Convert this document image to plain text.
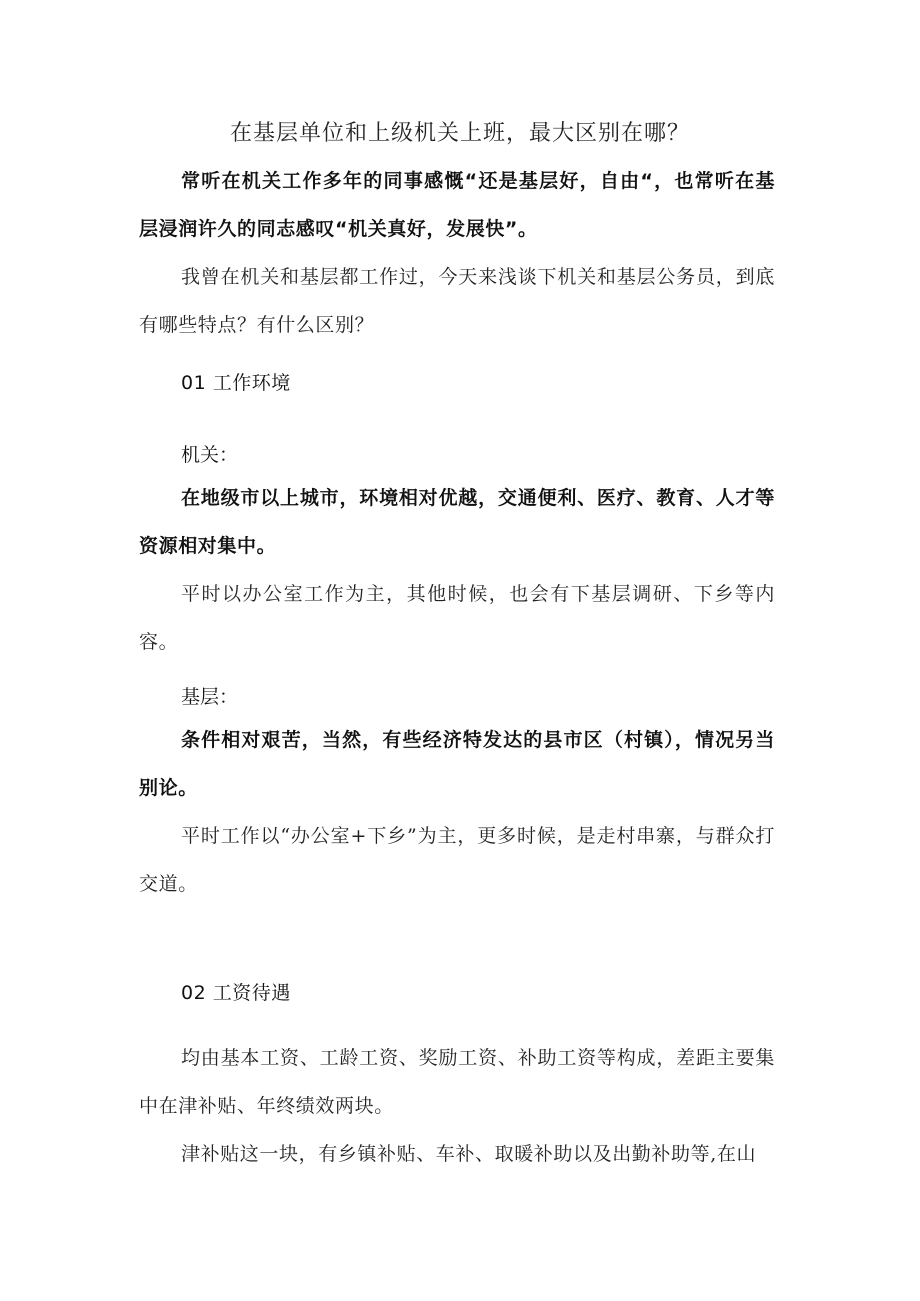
在基层单位和上级机关上班，最大区别在哪？

常听在机关工作多年的同事感慨“还是基层好，自由“，也常听在基层浸润许久的同志感叹“机关真好，发展快”。

我曾在机关和基层都工作过，今天来浅谈下机关和基层公务员，到底有哪些特点？有什么区别？

01 工作环境

机关：

在地级市以上城市，环境相对优越，交通便利、医疗、教育、人才等资源相对集中。

平时以办公室工作为主，其他时候，也会有下基层调研、下乡等内容。

基层：

条件相对艰苦，当然，有些经济特发达的县市区（村镇），情况另当别论。

平时工作以“办公室+下乡”为主，更多时候，是走村串寨，与群众打交道。

02 工资待遇

均由基本工资、工龄工资、奖励工资、补助工资等构成，差距主要集中在津补贴、年终绩效两块。

津补贴这一块，有乡镇补贴、车补、取暖补助以及出勤补助等,在山
